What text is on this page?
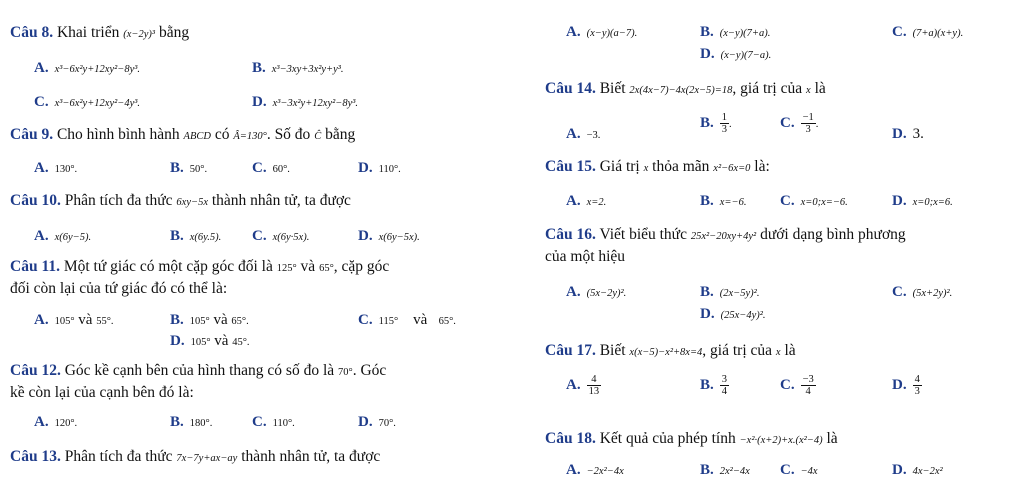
Câu 8. Khai triển (x−2y)³ bằng
A. x³−6x²y+12xy²−8y³.	B. x³−3xy+3x²y+y³.
C. x³−6x²y+12xy²−4y³.	D. x³−3x²y+12xy²−8y³.
Câu 9. Cho hình bình hành ABCD có Â=130°. Số đo Ĉ bằng
A. 130°.	B. 50°.	C. 60°.	D. 110°.
Câu 10. Phân tích đa thức 6xy−5x thành nhân tử, ta được
A. x(6y−5).	B. x(6y.5). C. x(6y·5x).	D. x(6y−5x).
Câu 11. Một tứ giác có một cặp góc đối là 125° và 65°, cặp góc
đối còn lại của tứ giác đó có thể là:
A. 105° và 55°.	B. 105° và 65°.	C. 115° và 65°.
D. 105° và 45°.
Câu 12. Góc kề cạnh bên của hình thang có số đo là 70°. Góc
kề còn lại của cạnh bên đó là:
A. 120°.	B. 180°.	C. 110°.	D. 70°.
Câu 13. Phân tích đa thức 7x−7y+ax−ay thành nhân tử, ta được
A. (x−y)(a−7).	B. (x−y)(7+a).	C. (7+a)(x+y).
D. (x−y)(7−a).
Câu 14. Biết 2x(4x−7)−4x(2x−5)=18, giá trị của x là
A. −3.
B. $\frac{1}{3}$ .	C. $\frac{-1}{3}$ .
D. 3.
Câu 15. Giá trị x thỏa mãn x²−6x=0 là:
A. x=2.	B. x=−6. C. x=0;x=−6.	D. x=0;x=6.
Câu 16. Viết biểu thức 25x²−20xy+4y² dưới dạng bình phương
của một hiệu
A. (5x−2y)².	B. (2x−5y)².	C. (5x+2y)².
D. (25x−4y)².
Câu 17. Biết x(x−5)−x²+8x=4, giá trị của x là
A. $\frac{4}{13}$	B. $\frac{3}{4}$	C. $\frac{-3}{4}$	D. $\frac{4}{3}$
Câu 18. Kết quả của phép tính −x²·(x+2)+x.(x²−4) là
A. −2x²−4x	B. 2x²−4x C. −4x	D. 4x−2x²
